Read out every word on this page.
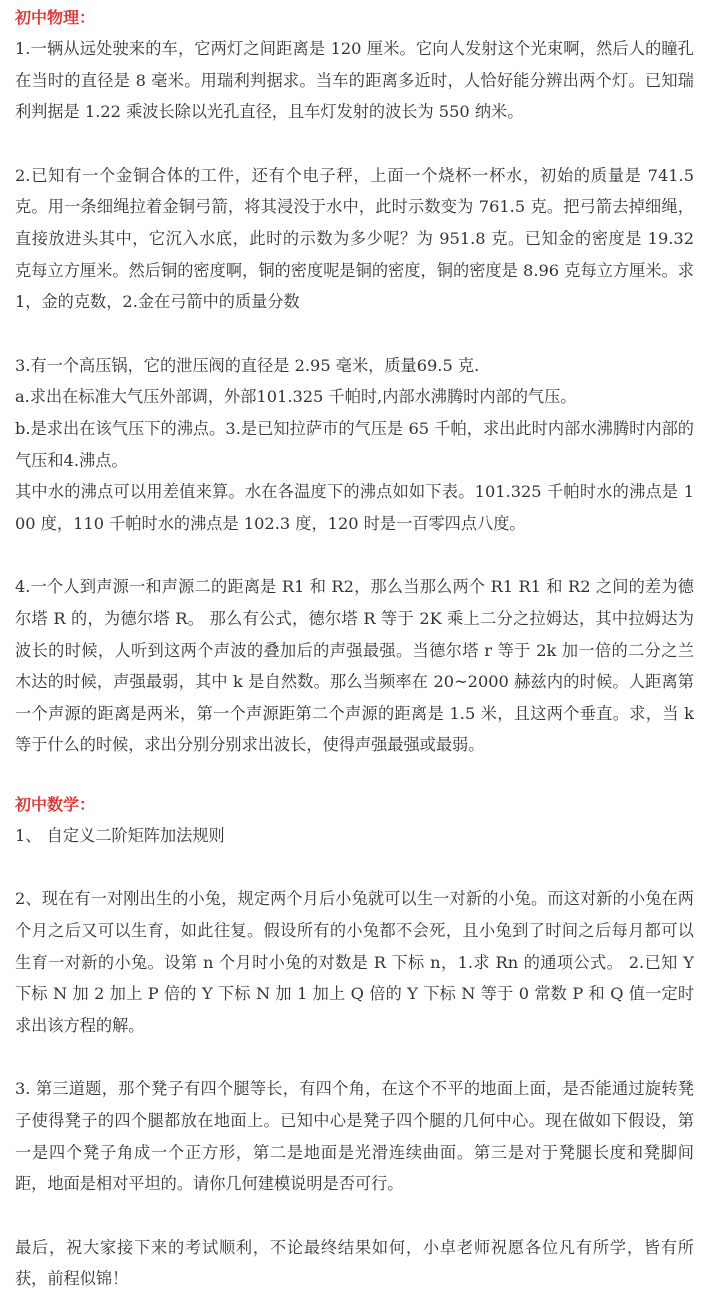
初中物理：

1.一辆从远处驶来的车，它两灯之间距离是 120 厘米。它向人发射这个光束啊，然后人的瞳孔在当时的直径是 8 毫米。用瑞利判据求。当车的距离多近时，人恰好能分辨出两个灯。已知瑞利判据是 1.22 乘波长除以光孔直径，且车灯发射的波长为 550 纳米。

2.已知有一个金铜合体的工件，还有个电子秤，上面一个烧杯一杯水，初始的质量是 741.5 克。用一条细绳拉着金铜弓箭，将其浸没于水中，此时示数变为 761.5 克。把弓箭去掉细绳，直接放进头其中，它沉入水底，此时的示数为多少呢？为 951.8 克。已知金的密度是 19.32 克每立方厘米。然后铜的密度啊，铜的密度呢是铜的密度，铜的密度是 8.96 克每立方厘米。求1，金的克数，2.金在弓箭中的质量分数

3.有一个高压锅，它的泄压阀的直径是 2.95 毫米，质量69.5 克.

a.求出在标准大气压外部调，外部101.325 千帕时,内部水沸腾时内部的气压。

b.是求出在该气压下的沸点。3.是已知拉萨市的气压是 65 千帕，求出此时内部水沸腾时内部的气压和4.沸点。

其中水的沸点可以用差值来算。水在各温度下的沸点如如下表。101.325 千帕时水的沸点是 100 度，110 千帕时水的沸点是 102.3 度，120 时是一百零四点八度。

4.一个人到声源一和声源二的距离是 R1 和 R2，那么当那么两个 R1 R1 和 R2 之间的差为德尔塔 R 的，为德尔塔 R。 那么有公式，德尔塔 R 等于 2K 乘上二分之拉姆达，其中拉姆达为波长的时候，人听到这两个声波的叠加后的声强最强。当德尔塔 r 等于 2k 加一倍的二分之兰木达的时候，声强最弱，其中 k 是自然数。那么当频率在 20~2000 赫兹内的时候。人距离第一个声源的距离是两米，第一个声源距第二个声源的距离是 1.5 米，且这两个垂直。求，当 k 等于什么的时候，求出分别分别求出波长，使得声强最强或最弱。

初中数学：

1、 自定义二阶矩阵加法规则

2、现在有一对刚出生的小兔，规定两个月后小兔就可以生一对新的小兔。而这对新的小兔在两个月之后又可以生育，如此往复。假设所有的小兔都不会死，且小兔到了时间之后每月都可以生育一对新的小兔。设第 n 个月时小兔的对数是 R 下标 n，1.求 Rn 的通项公式。 2.已知 Y 下标 N 加 2 加上 P 倍的 Y 下标 N 加 1 加上 Q 倍的 Y 下标 N 等于 0 常数 P 和 Q 值一定时求出该方程的解。

3. 第三道题，那个凳子有四个腿等长，有四个角，在这个不平的地面上面，是否能通过旋转凳子使得凳子的四个腿都放在地面上。已知中心是凳子四个腿的几何中心。现在做如下假设，第一是四个凳子角成一个正方形，第二是地面是光滑连续曲面。第三是对于凳腿长度和凳脚间距，地面是相对平坦的。请你几何建模说明是否可行。

最后，祝大家接下来的考试顺利，不论最终结果如何，小卓老师祝愿各位凡有所学，皆有所获，前程似锦！
